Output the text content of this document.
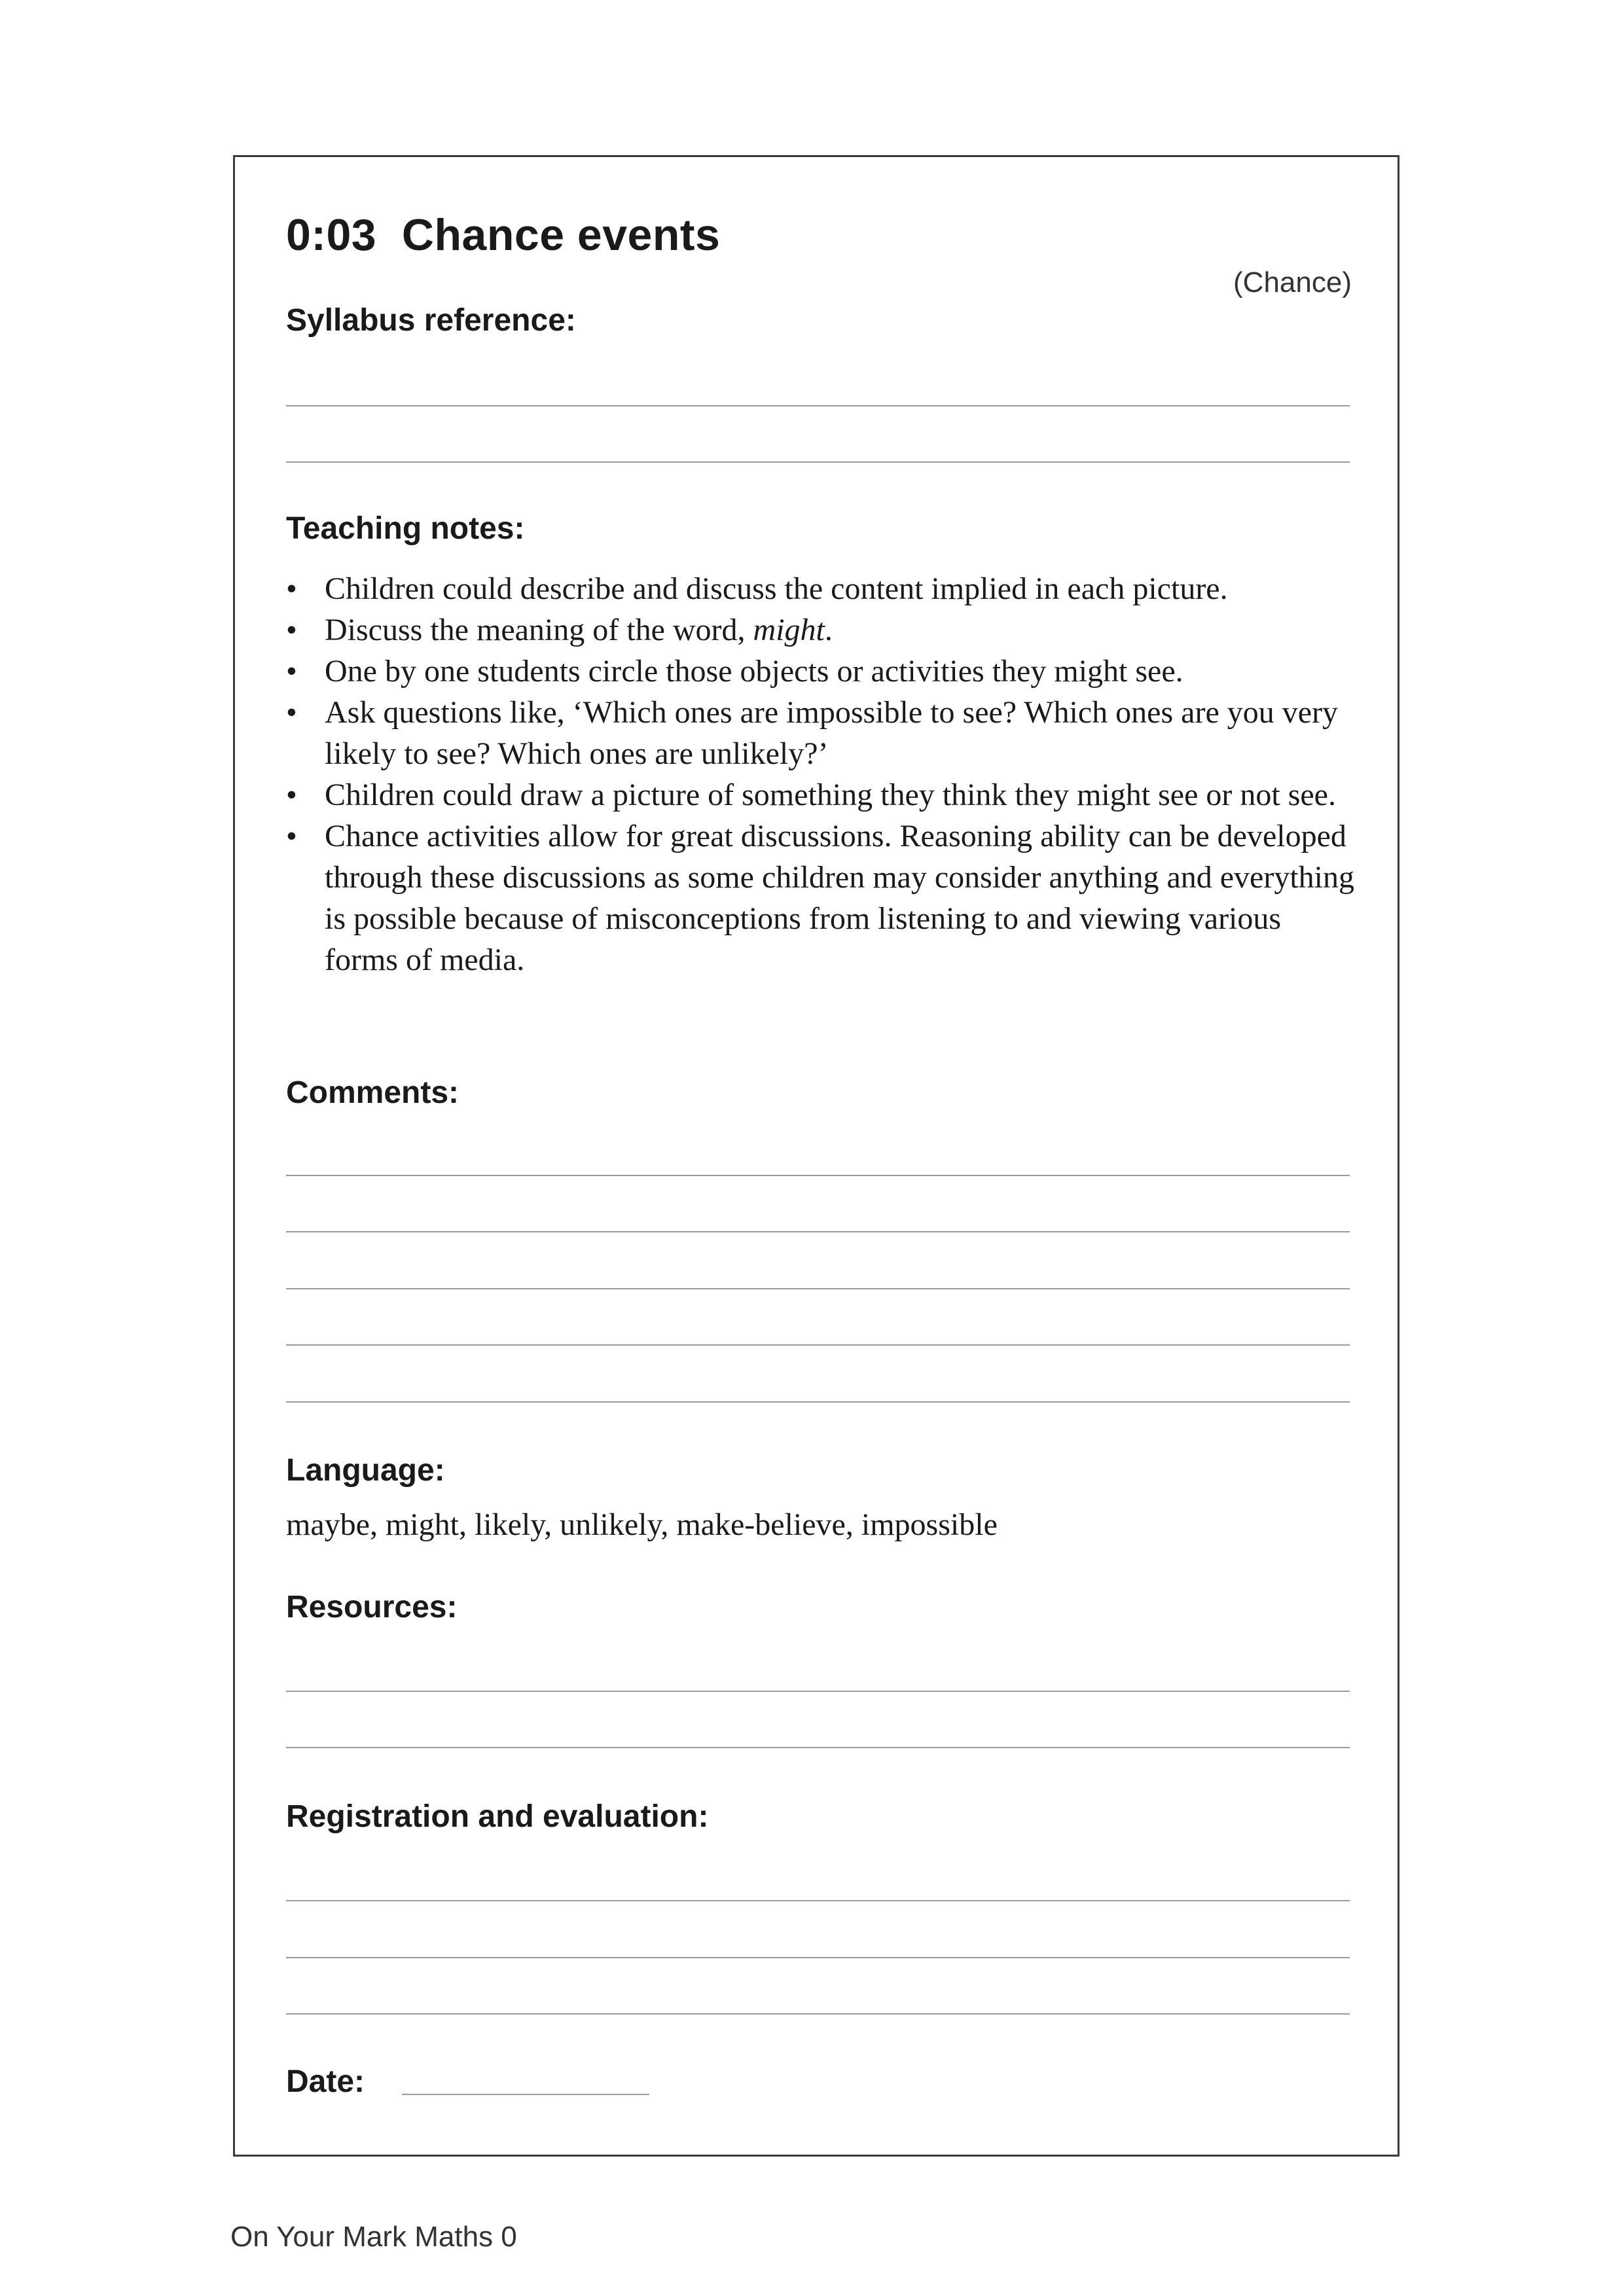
0:03  Chance events
(Chance)
Syllabus reference:
Teaching notes:
• Children could describe and discuss the content implied in each picture.
• Discuss the meaning of the word, might.
• One by one students circle those objects or activities they might see.
• Ask questions like, ‘Which ones are impossible to see? Which ones are you very likely to see? Which ones are unlikely?’
• Children could draw a picture of something they think they might see or not see.
• Chance activities allow for great discussions. Reasoning ability can be developed through these discussions as some children may consider anything and everything is possible because of misconceptions from listening to and viewing various forms of media.
Comments:
Language:
maybe, might, likely, unlikely, make-believe, impossible
Resources:
Registration and evaluation:
Date:
On Your Mark Maths 0
